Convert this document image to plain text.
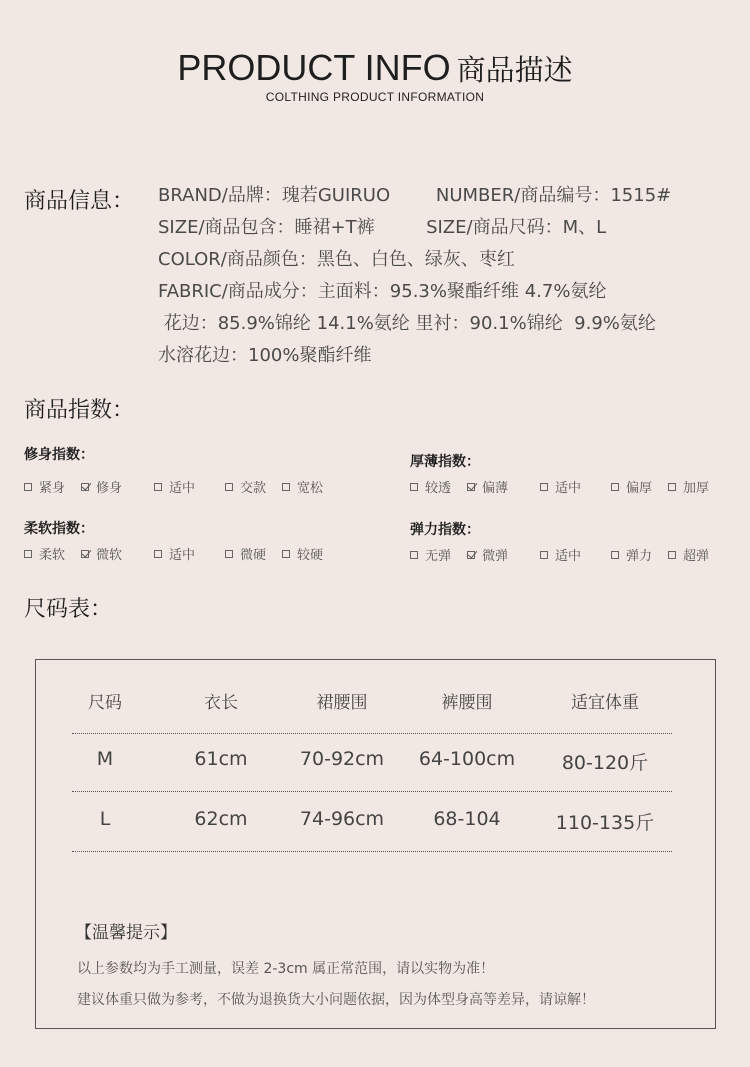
PRODUCT INFO 商品描述
COLTHING PRODUCT INFORMATION
商品信息： BRAND/品牌：瑰若GUIRUO        NUMBER/商品编号：1515#
SIZE/商品包含：睡裙+T裤         SIZE/商品尺码：M、L
COLOR/商品颜色：黑色、白色、绿灰、枣红
FABRIC/商品成分：主面料：95.3%聚酯纤维 4.7%氨纶
花边：85.9%锦纶 14.1%氨纶 里衬：90.1%锦纶  9.9%氨纶
水溶花边：100%聚酯纤维
商品指数：
修身指数：
紧身 修身	适中	交款 宽松
厚薄指数：
较透 偏薄	适中	偏厚 加厚
柔软指数：
柔软 微软	适中	微硬 较硬
弹力指数：
无弹 微弹	适中	弹力 超弹
尺码表：
尺码	衣长	裙腰围	裤腰围	适宜体重
M	61cm	70-92cm	64-100cm	80-120斤
L	62cm	74-96cm	68-104	110-135斤
【温馨提示】
以上参数均为手工测量，误差 2-3cm 属正常范围，请以实物为准！
建议体重只做为参考，不做为退换货大小问题依据，因为体型身高等差异，请谅解！
